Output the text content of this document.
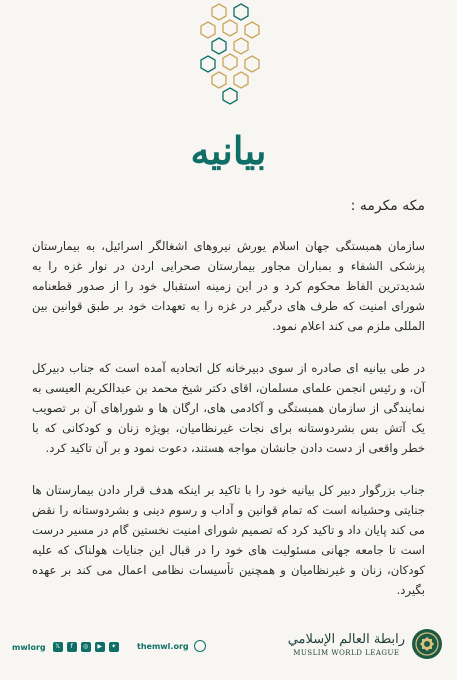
بيانيه

مکه مکرمه :

سازمان همبستگی جهان اسلام یورش نیروهای اشغالگر اسرائیل، به بیمارستان پزشکی الشفاء و بمباران مجاور بیمارستان صحرایی اردن در نوار غزه را به شدیدترین الفاظ محکوم کرد و در این زمینه استقبال خود را از صدور قطعنامه شورای امنیت که طرف های درگیر در غزه را به تعهدات خود بر طبق قوانین بین المللی ملزم می کند اعلام نمود.

در طی بیانیه ای صادره از سوی دبیرخانه کل اتحادیه آمده است که جناب دبیرکل آن، و رئیس انجمن علمای مسلمان، اقای دکتر شیخ محمد بن عبدالکریم العیسی به نمایندگی از سازمان همبستگی و آکادمی های، ارگان ها و شوراهای آن بر تصویب یک آتش بس بشردوستانه برای نجات غیرنظامیان، بویژه زنان و کودکانی که با خطر واقعی از دست دادن جانشان مواجه هستند، دعوت نمود و بر آن تاکید کرد.

جناب بزرگوار دبیر کل بیانیه خود را با تاکید بر اینکه هدف قرار دادن بیمارستان ها جنایتی وحشیانه است که تمام قوانین و آداب و رسوم دینی و بشردوستانه را نقض می کند پایان داد و تاکید کرد که تصمیم شورای امنیت نخستین گام در مسیر درست است تا جامعه جهانی مسئولیت های خود را در قبال این جنایات هولناک که علیه کودکان، زنان و غیرنظامیان و همچنین تأسیسات نظامی اعمال می کند بر عهده بگیرد.

mwlorg	𝕏	f	◎	▶	✦	themwl.org	رابطة العالم الإسلامي
MUSLIM WORLD LEAGUE
